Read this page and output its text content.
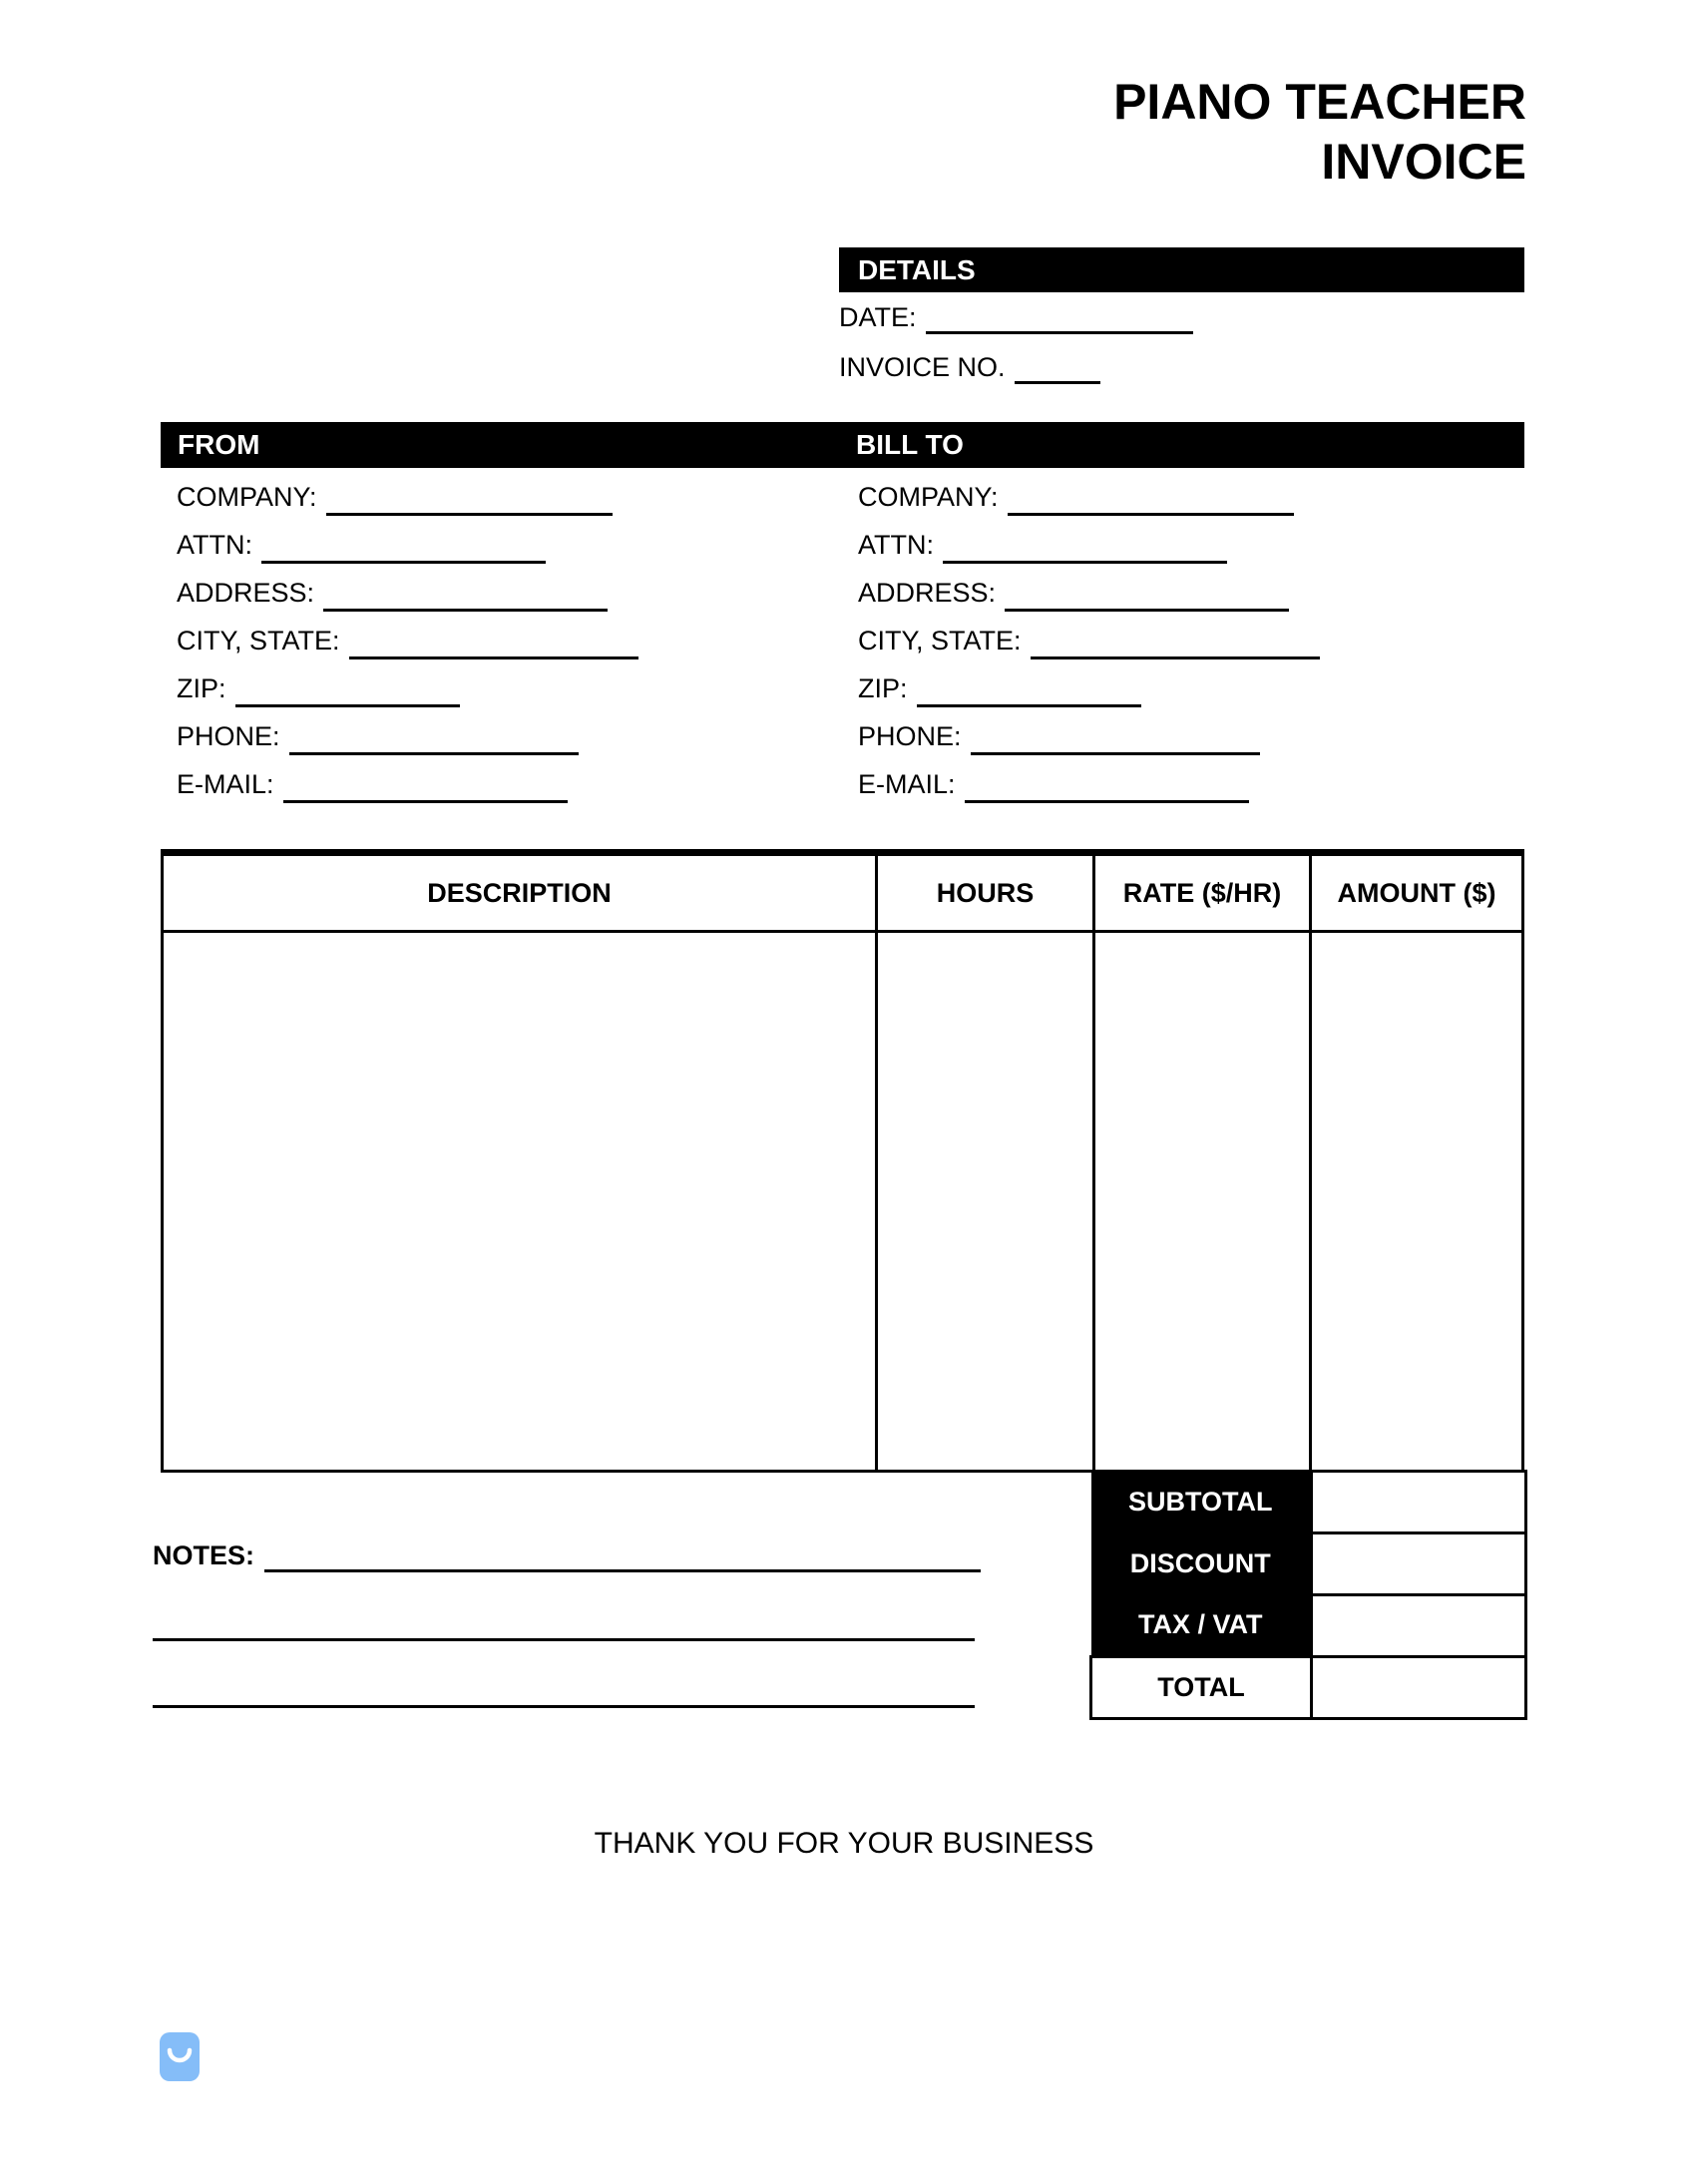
PIANO TEACHER
INVOICE
DETAILS
DATE:
INVOICE NO.
FROM	BILL TO
COMPANY:
ATTN:
ADDRESS:
CITY, STATE:
ZIP:
PHONE:
E-MAIL:
COMPANY:
ATTN:
ADDRESS:
CITY, STATE:
ZIP:
PHONE:
E-MAIL:
DESCRIPTION	HOURS	RATE ($/HR)	AMOUNT ($)
SUBTOTAL	
DISCOUNT	
TAX / VAT	
TOTAL	
NOTES:
THANK YOU FOR YOUR BUSINESS
